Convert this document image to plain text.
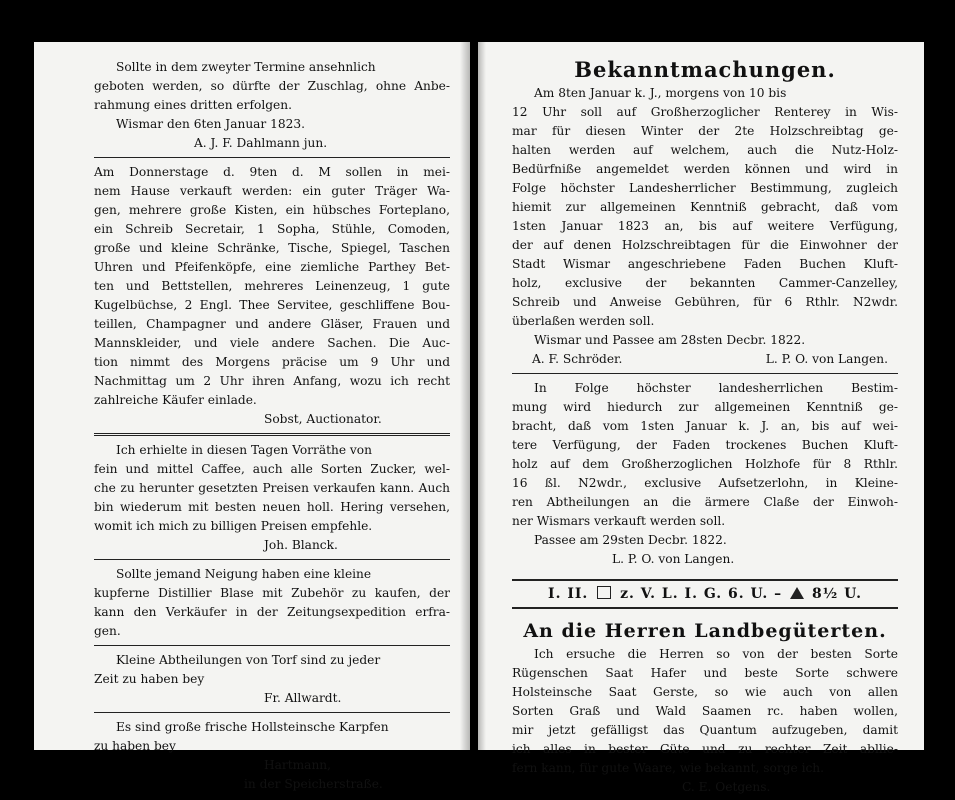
Sollte in dem zweyter Termine ansehnlich
geboten werden, so dürfte der Zuschlag, ohne Anbe-
rahmung eines dritten erfolgen.
Wismar den 6ten Januar 1823.
A. J. F. Dahlmann jun.
Am Donnerstage d. 9ten d. M sollen in mei-
nem Hause verkauft werden: ein guter Träger Wa-
gen, mehrere große Kisten, ein hübsches Forteplano,
ein Schreib Secretair, 1 Sopha, Stühle, Comoden,
große und kleine Schränke, Tische, Spiegel, Taschen
Uhren und Pfeifenköpfe, eine ziemliche Parthey Bet-
ten und Bettstellen, mehreres Leinenzeug, 1 gute
Kugelbüchse, 2 Engl. Thee Servitee, geschliffene Bou-
teillen, Champagner und andere Gläser, Frauen und
Mannskleider, und viele andere Sachen. Die Auc-
tion nimmt des Morgens präcise um 9 Uhr und
Nachmittag um 2 Uhr ihren Anfang, wozu ich recht
zahlreiche Käufer einlade.
Sobst, Auctionator.
Ich erhielte in diesen Tagen Vorräthe von
fein und mittel Caffee, auch alle Sorten Zucker, wel-
che zu herunter gesetzten Preisen verkaufen kann. Auch
bin wiederum mit besten neuen holl. Hering versehen,
womit ich mich zu billigen Preisen empfehle.
Joh. Blanck.
Sollte jemand Neigung haben eine kleine
kupferne Distillier Blase mit Zubehör zu kaufen, der
kann den Verkäufer in der Zeitungsexpedition erfra-
gen.
Kleine Abtheilungen von Torf sind zu jeder
Zeit zu haben bey
Fr. Allwardt.
Es sind große frische Hollsteinsche Karpfen
zu haben bey
Hartmann,
in der Speicherstraße.
Bekanntmachungen.
Am 8ten Januar k. J., morgens von 10 bis
12 Uhr soll auf Großherzoglicher Renterey in Wis-
mar für diesen Winter der 2te Holzschreibtag ge-
halten werden auf welchem, auch die Nutz-Holz-
Bedürfniße angemeldet werden können und wird in
Folge höchster Landesherrlicher Bestimmung, zugleich
hiemit zur allgemeinen Kenntniß gebracht, daß vom
1sten Januar 1823 an, bis auf weitere Verfügung,
der auf denen Holzschreibtagen für die Einwohner der
Stadt Wismar angeschriebene Faden Buchen Kluft-
holz, exclusive der bekannten Cammer-Canzelley,
Schreib und Anweise Gebühren, für 6 Rthlr. N2wdr.
überlaßen werden soll.
Wismar und Passee am 28sten Decbr. 1822.
A. F. Schröder.	L. P. O. von Langen.
In Folge höchster landesherrlichen Bestim-
mung wird hiedurch zur allgemeinen Kenntniß ge-
bracht, daß vom 1sten Januar k. J. an, bis auf wei-
tere Verfügung, der Faden trockenes Buchen Kluft-
holz auf dem Großherzoglichen Holzhofe für 8 Rthlr.
16 ßl. N2wdr., exclusive Aufsetzerlohn, in Kleine-
ren Abtheilungen an die ärmere Claße der Einwoh-
ner Wismars verkauft werden soll.
Passee am 29sten Decbr. 1822.
L. P. O. von Langen.
I. II. z. V. L. I. G. 6. U. – 8½ U.
An die Herren Landbegüterten.
Ich ersuche die Herren so von der besten Sorte
Rügenschen Saat Hafer und beste Sorte schwere
Holsteinsche Saat Gerste, so wie auch von allen
Sorten Graß und Wald Saamen rc. haben wollen,
mir jetzt gefälligst das Quantum aufzugeben, damit
ich alles in bester Güte und zu rechter Zeit abllie-
fern kann, für gute Waare, wie bekannt, sorge ich.
C. E. Oetgens.
